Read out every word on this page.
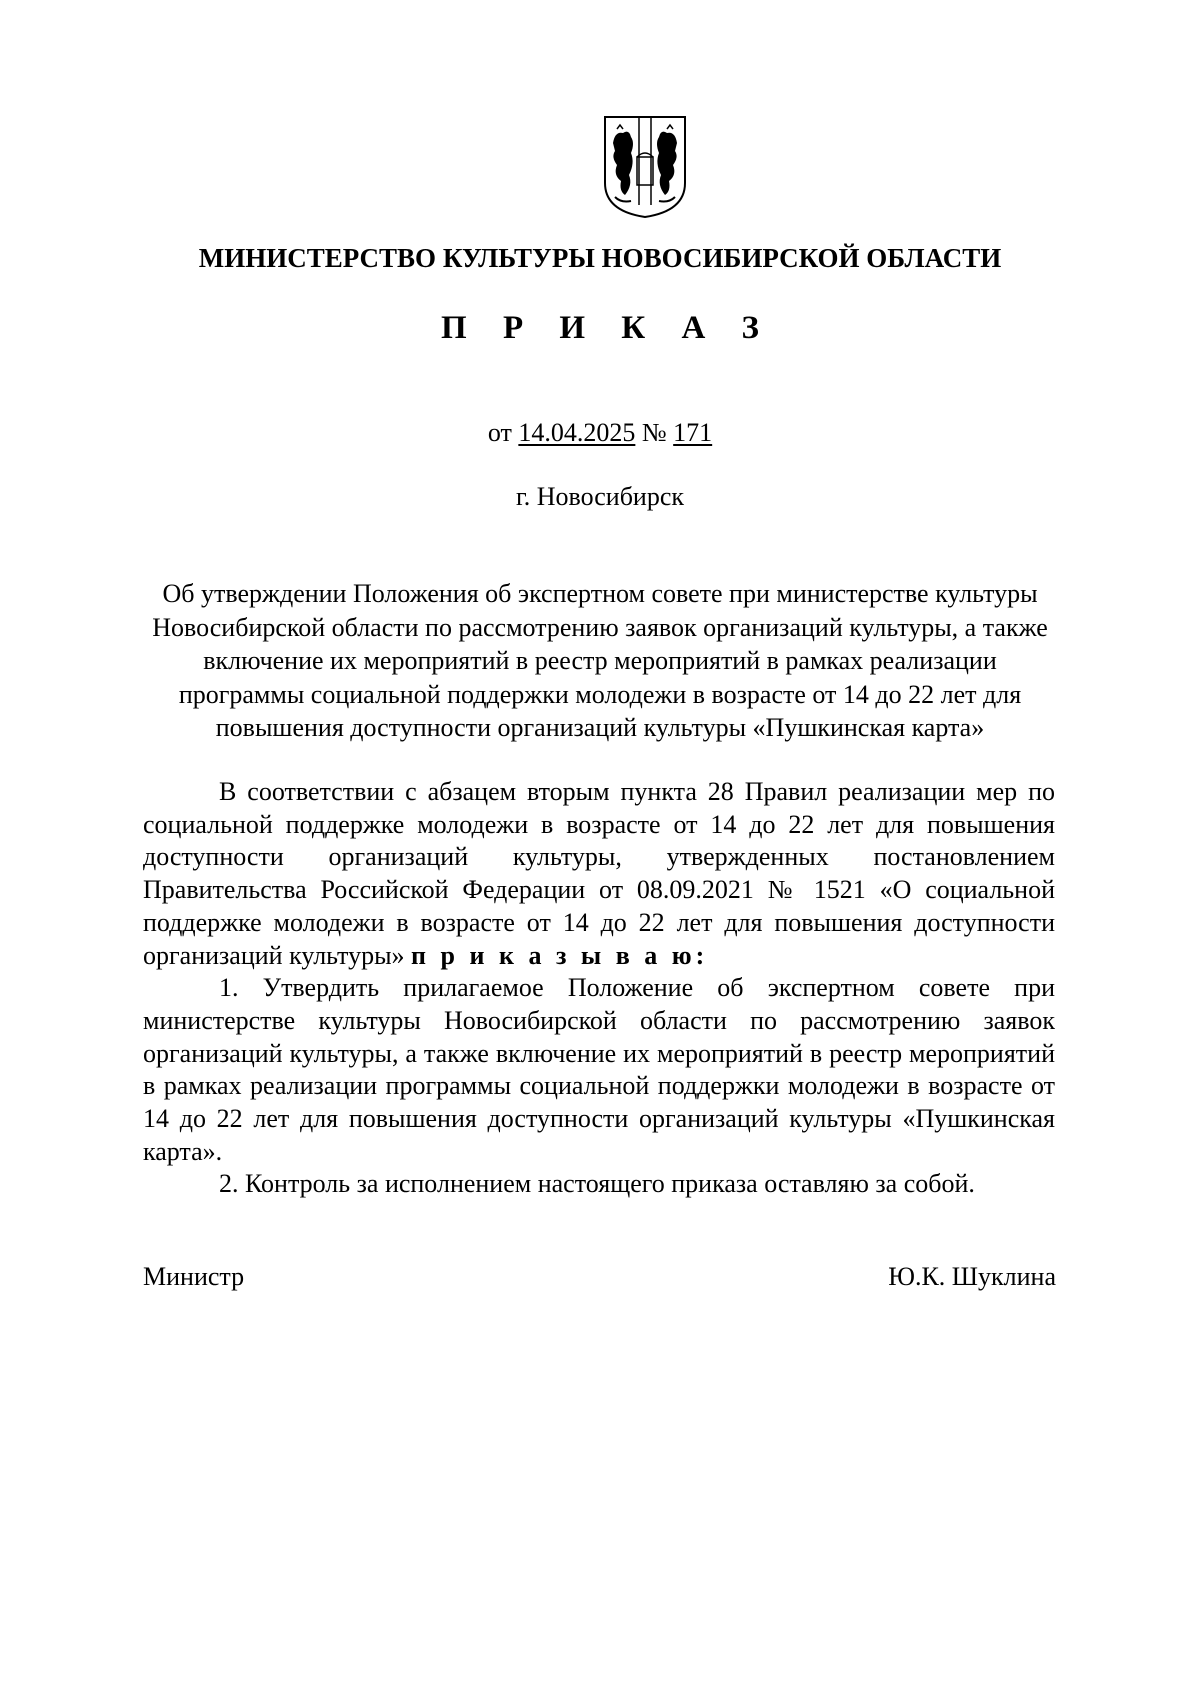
МИНИСТЕРСТВО КУЛЬТУРЫ НОВОСИБИРСКОЙ ОБЛАСТИ
П Р И К А З
от 14.04.2025 № 171
г. Новосибирск
Об утверждении Положения об экспертном совете при министерстве культуры
Новосибирской области по рассмотрению заявок организаций культуры, а также
включение их мероприятий в реестр мероприятий в рамках реализации
программы социальной поддержки молодежи в возрасте от 14 до 22 лет для
повышения доступности организаций культуры «Пушкинская карта»

В соответствии с абзацем вторым пункта 28 Правил реализации мер по социальной поддержке молодежи в возрасте от 14 до 22 лет для повышения доступности организаций культуры, утвержденных постановлением Правительства Российской Федерации от 08.09.2021 № 1521 «О социальной поддержке молодежи в возрасте от 14 до 22 лет для повышения доступности организаций культуры» п р и к а з ы в а ю:

1. Утвердить прилагаемое Положение об экспертном совете при министерстве культуры Новосибирской области по рассмотрению заявок организаций культуры, а также включение их мероприятий в реестр мероприятий в рамках реализации программы социальной поддержки молодежи в возрасте от 14 до 22 лет для повышения доступности организаций культуры «Пушкинская карта».

2. Контроль за исполнением настоящего приказа оставляю за собой.

Министр	Ю.К. Шуклина
